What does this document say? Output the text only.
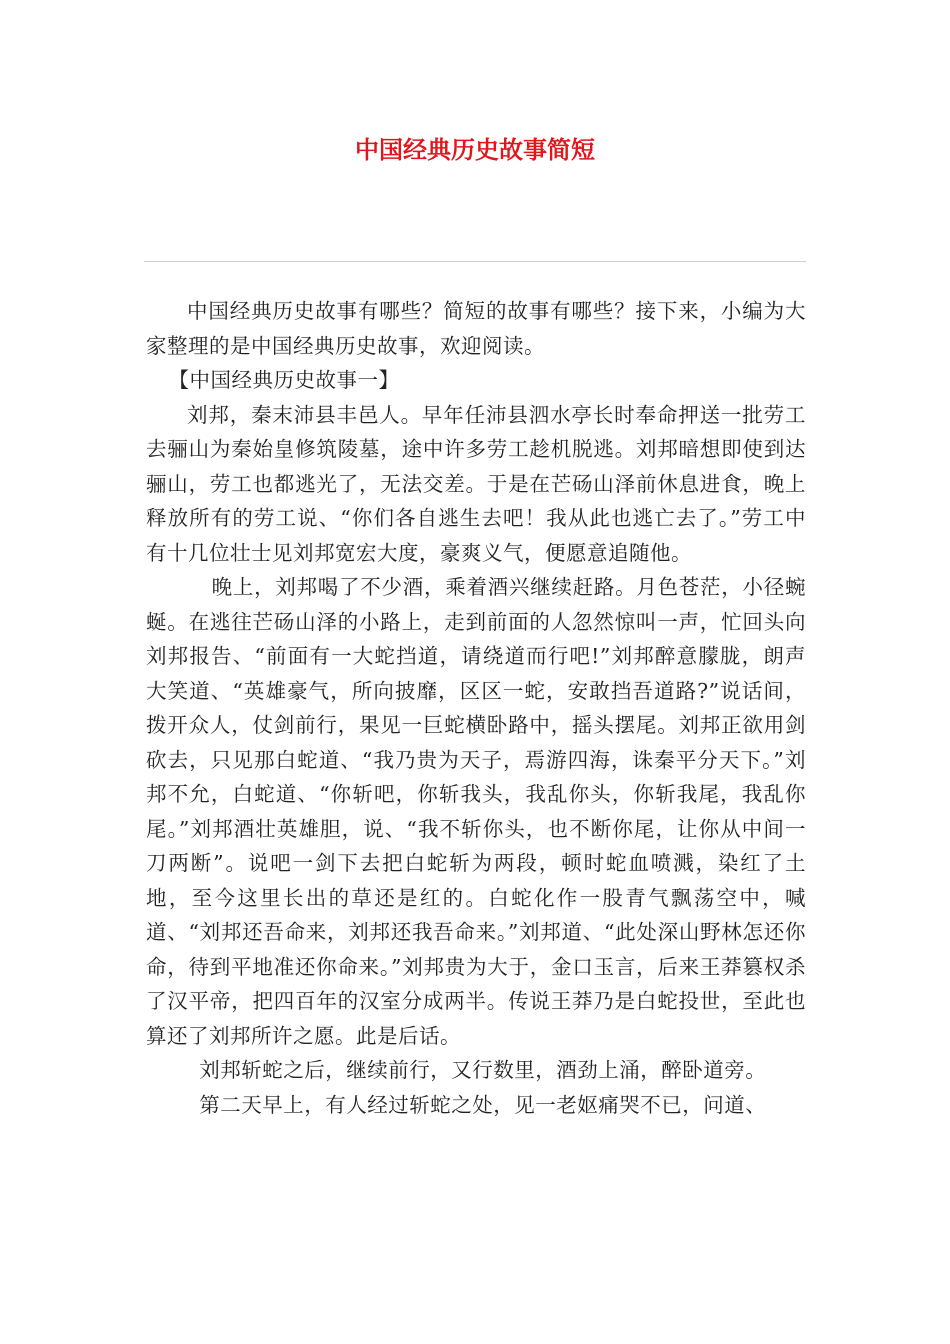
中国经典历史故事简短

中国经典历史故事有哪些？简短的故事有哪些？接下来，小编为大家整理的是中国经典历史故事，欢迎阅读。

【中国经典历史故事一】

刘邦，秦末沛县丰邑人。早年任沛县泗水亭长时奉命押送一批劳工去骊山为秦始皇修筑陵墓，途中许多劳工趁机脱逃。刘邦暗想即使到达骊山，劳工也都逃光了，无法交差。于是在芒砀山泽前休息进食，晚上释放所有的劳工说、“你们各自逃生去吧！我从此也逃亡去了。”劳工中有十几位壮士见刘邦宽宏大度，豪爽义气，便愿意追随他。

晚上，刘邦喝了不少酒，乘着酒兴继续赶路。月色苍茫，小径蜿蜒。在逃往芒砀山泽的小路上，走到前面的人忽然惊叫一声，忙回头向刘邦报告、“前面有一大蛇挡道，请绕道而行吧!”刘邦醉意朦胧，朗声大笑道、“英雄豪气，所向披靡，区区一蛇，安敢挡吾道路?”说话间，拨开众人，仗剑前行，果见一巨蛇横卧路中，摇头摆尾。刘邦正欲用剑砍去，只见那白蛇道、“我乃贵为天子，焉游四海，诛秦平分天下。”刘邦不允，白蛇道、“你斩吧，你斩我头，我乱你头，你斩我尾，我乱你尾。”刘邦酒壮英雄胆，说、“我不斩你头，也不断你尾，让你从中间一刀两断”。说吧一剑下去把白蛇斩为两段，顿时蛇血喷溅，染红了土地，至今这里长出的草还是红的。白蛇化作一股青气飘荡空中，喊道、“刘邦还吾命来，刘邦还我吾命来。”刘邦道、“此处深山野林怎还你命，待到平地准还你命来。”刘邦贵为大于，金口玉言，后来王莽篡权杀了汉平帝，把四百年的汉室分成两半。传说王莽乃是白蛇投世，至此也算还了刘邦所许之愿。此是后话。

刘邦斩蛇之后，继续前行，又行数里，酒劲上涌，醉卧道旁。

第二天早上，有人经过斩蛇之处，见一老妪痛哭不已，问道、
